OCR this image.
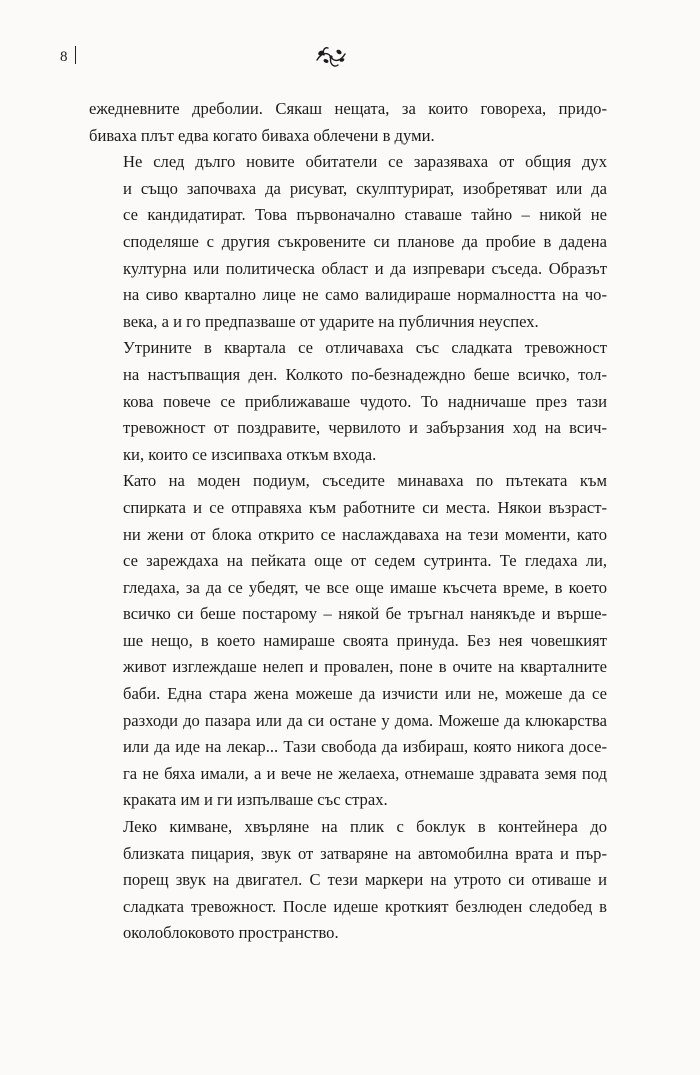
8

ежедневните дреболии. Сякаш нещата, за които говореха, придо-
биваха плът едва когато биваха облечени в думи.

Не след дълго новите обитатели се заразяваха от общия дух
и също започваха да рисуват, скулптурират, изобретяват или да
се кандидатират. Това първоначално ставаше тайно – никой не
споделяше с другия съкровените си планове да пробие в дадена
културна или политическа област и да изпревари съседа. Образът
на сиво квартално лице не само валидираше нормалността на чо-
века, а и го предпазваше от ударите на публичния неуспех.

Утрините в квартала се отличаваха със сладката тревожност
на настъпващия ден. Колкото по-безнадеждно беше всичко, тол-
кова повече се приближаваше чудото. То надничаше през тази
тревожност от поздравите, червилото и забързания ход на всич-
ки, които се изсипваха откъм входа.

Като на моден подиум, съседите минаваха по пътеката към
спирката и се отправяха към работните си места. Някои възраст-
ни жени от блока открито се наслаждаваха на тези моменти, като
се зареждаха на пейката още от седем сутринта. Те гледаха ли,
гледаха, за да се убедят, че все още имаше късчета време, в което
всичко си беше постарому – някой бе тръгнал нанякъде и върше-
ше нещо, в което намираше своята принуда. Без нея човешкият
живот изглеждаше нелеп и провален, поне в очите на кварталните
баби. Една стара жена можеше да изчисти или не, можеше да се
разходи до пазара или да си остане у дома. Можеше да клюкарства
или да иде на лекар... Тази свобода да избираш, която никога досе-
га не бяха имали, а и вече не желаеха, отнемаше здравата земя под
краката им и ги изпълваше със страх.

Леко кимване, хвърляне на плик с боклук в контейнера до
близката пицария, звук от затваряне на автомобилна врата и пър-
порещ звук на двигател. С тези маркери на утрото си отиваше и
сладката тревожност. После идеше кроткият безлюден следобед в
околоблоковото пространство.
